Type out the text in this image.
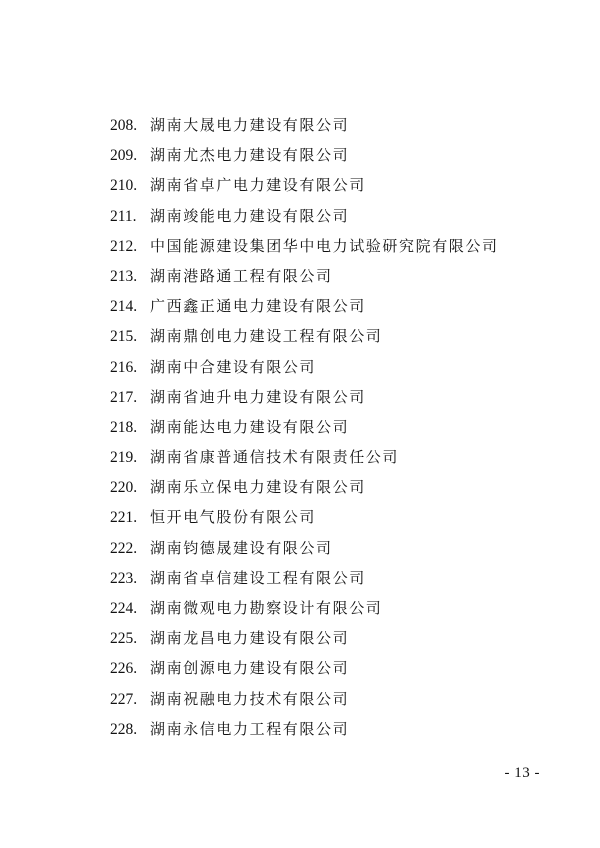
208. 湖南大晟电力建设有限公司
209. 湖南尤杰电力建设有限公司
210. 湖南省卓广电力建设有限公司
211. 湖南竣能电力建设有限公司
212. 中国能源建设集团华中电力试验研究院有限公司
213. 湖南港路通工程有限公司
214. 广西鑫正通电力建设有限公司
215. 湖南鼎创电力建设工程有限公司
216. 湖南中合建设有限公司
217. 湖南省迪升电力建设有限公司
218. 湖南能达电力建设有限公司
219. 湖南省康普通信技术有限责任公司
220. 湖南乐立保电力建设有限公司
221. 恒开电气股份有限公司
222. 湖南钧德晟建设有限公司
223. 湖南省卓信建设工程有限公司
224. 湖南微观电力勘察设计有限公司
225. 湖南龙昌电力建设有限公司
226. 湖南创源电力建设有限公司
227. 湖南祝融电力技术有限公司
228. 湖南永信电力工程有限公司
- 13 -
